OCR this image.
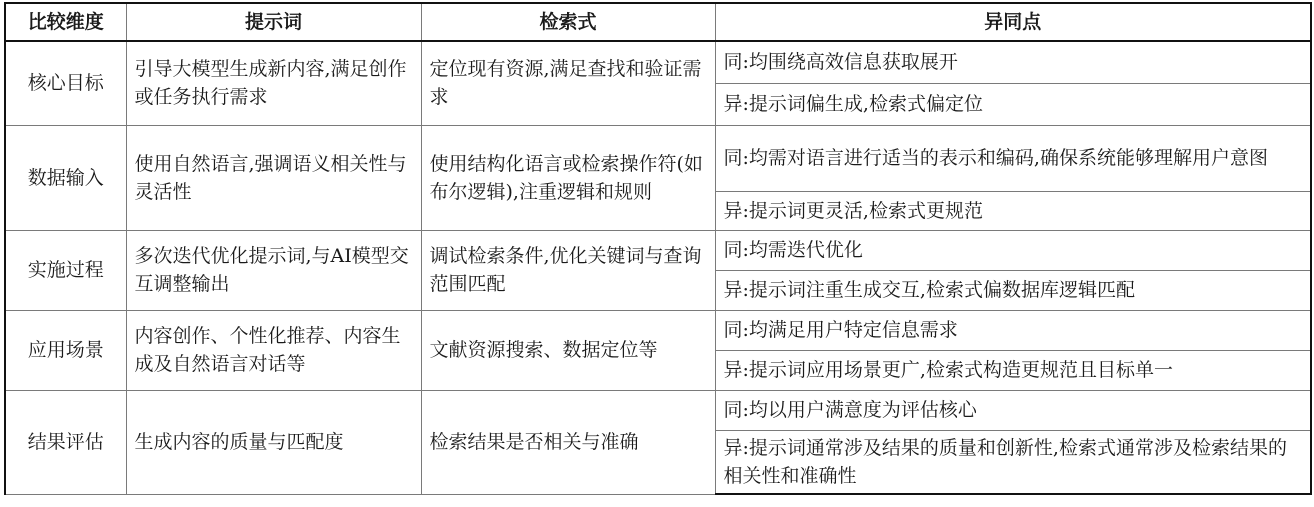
比较维度	提示词	检索式	异同点
核心目标	引导大模型生成新内容,满足创作或任务执行需求	定位现有资源,满足查找和验证需求	同:均围绕高效信息获取展开
			异:提示词偏生成,检索式偏定位
数据输入	使用自然语言,强调语义相关性与灵活性	使用结构化语言或检索操作符(如布尔逻辑),注重逻辑和规则	同:均需对语言进行适当的表示和编码,确保系统能够理解用户意图
			异:提示词更灵活,检索式更规范
实施过程	多次迭代优化提示词,与AI模型交互调整输出	调试检索条件,优化关键词与查询范围匹配	同:均需迭代优化
			异:提示词注重生成交互,检索式偏数据库逻辑匹配
应用场景	内容创作、个性化推荐、内容生成及自然语言对话等	文献资源搜索、数据定位等	同:均满足用户特定信息需求
			异:提示词应用场景更广,检索式构造更规范且目标单一
结果评估	生成内容的质量与匹配度	检索结果是否相关与准确	同:均以用户满意度为评估核心
			异:提示词通常涉及结果的质量和创新性,检索式通常涉及检索结果的相关性和准确性
